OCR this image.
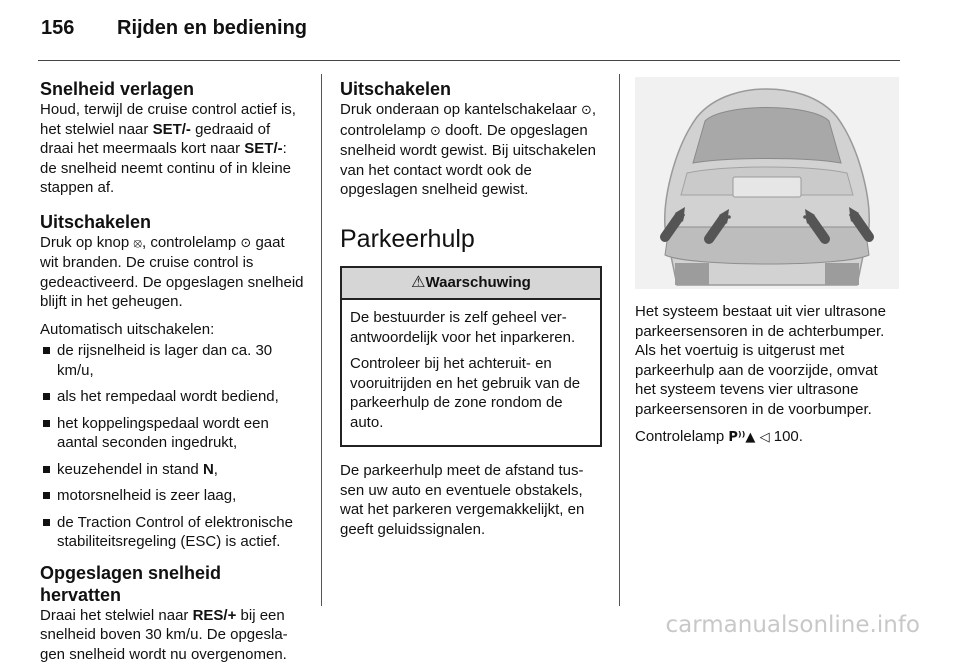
156 Rijden en bediening
Snelheid verlagen

Houd, terwijl de cruise control actief is, het stelwiel naar SET/- gedraaid of draai het meermaals kort naar SET/-: de snelheid neemt continu of in kleine stappen af.

Uitschakelen

Druk op knop ⦻, controlelamp ⊙ gaat wit branden. De cruise control is gedeactiveerd. De opgeslagen snelheid blijft in het geheugen.

Automatisch uitschakelen:

de rijsnelheid is lager dan ca. 30 km/u,
als het rempedaal wordt bediend,
het koppelingspedaal wordt een aantal seconden ingedrukt,
keuzehendel in stand N,
motorsnelheid is zeer laag,
de Traction Control of elektronische stabiliteitsregeling (ESC) is actief.
Opgeslagen snelheid hervatten

Draai het stelwiel naar RES/+ bij een snelheid boven 30 km/u. De opgeslagen snelheid wordt nu overgenomen.

Uitschakelen

Druk onderaan op kantelschakelaar ⊙, controlelamp ⊙ dooft. De opgeslagen snelheid wordt gewist. Bij uitschakelen van het contact wordt ook de opgeslagen snelheid gewist.

Parkeerhulp
⚠Waarschuwing

De bestuurder is zelf geheel verantwoordelijk voor het inparkeren.

Controleer bij het achteruit- en vooruitrijden en het gebruik van de parkeerhulp de zone rondom de auto.

De parkeerhulp meet de afstand tussen uw auto en eventuele obstakels, wat het parkeren vergemakkelijkt, en geeft geluidssignalen.

Het systeem bestaat uit vier ultrasone parkeersensoren in de achterbumper. Als het voertuig is uitgerust met parkeerhulp aan de voorzijde, omvat het systeem tevens vier ultrasone parkeersensoren in de voorbumper.

Controlelamp P⁾⁾▲ ◁ 100.

carmanualsonline.info
